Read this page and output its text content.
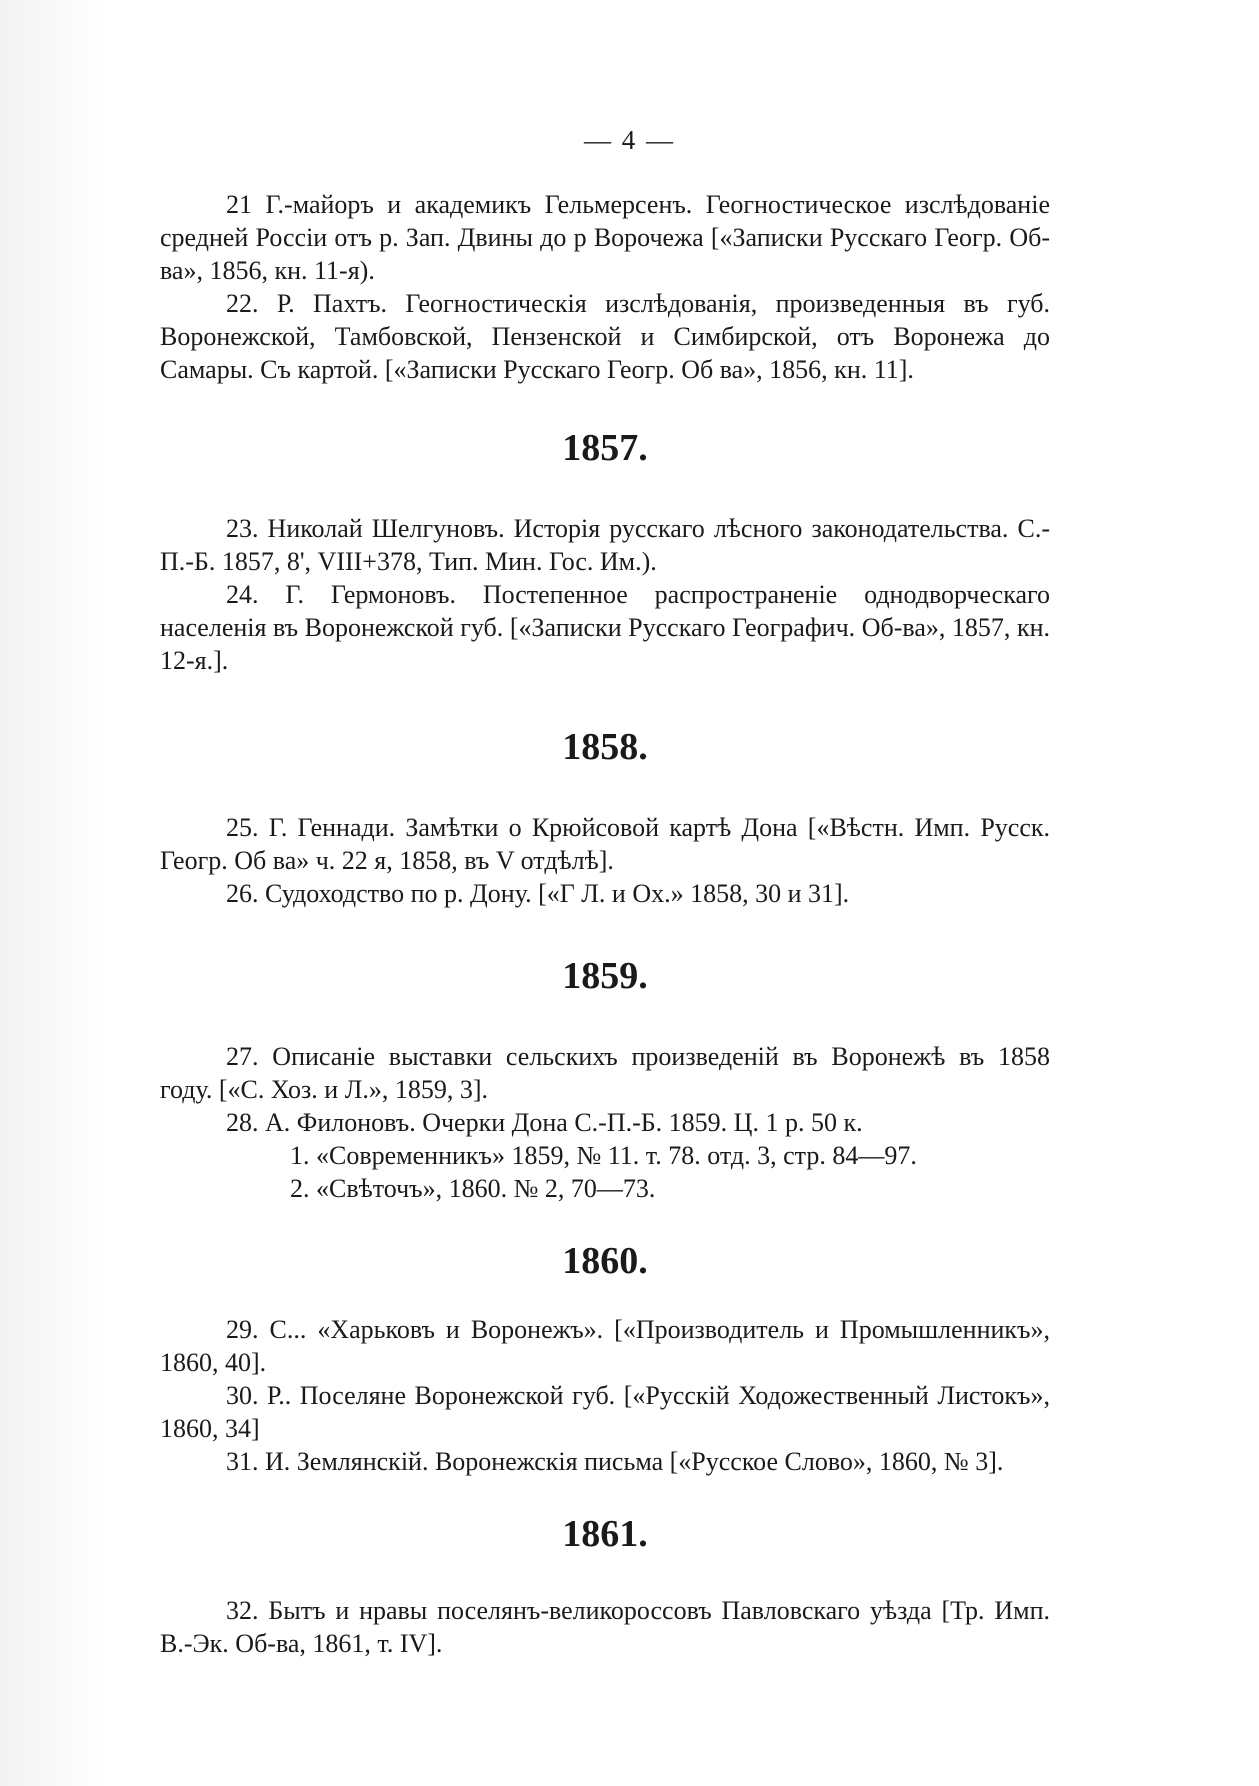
— 4 —

21 Г.-майоръ и академикъ Гельмерсенъ. Геогностическое изслѣдованіе средней Россіи отъ р. Зап. Двины до р Ворочежа [«Записки Русскаго Геогр. Об-ва», 1856, кн. 11-я).

22. Р. Пахтъ. Геогностическія изслѣдованія, произведенныя въ губ. Воронежской, Тамбовской, Пензенской и Симбирской, отъ Воронежа до Самары. Съ картой. [«Записки Русскаго Геогр. Об ва», 1856, кн. 11].

1857.

23. Николай Шелгуновъ. Исторія русскаго лѣсного законодательства. С.-П.-Б. 1857, 8', VIII+378, Тип. Мин. Гос. Им.).

24. Г. Гермоновъ. Постепенное распространеніе однодворческаго населенія въ Воронежской губ. [«Записки Русскаго Географич. Об-ва», 1857, кн. 12-я.].

1858.

25. Г. Геннади. Замѣтки о Крюйсовой картѣ Дона [«Вѣстн. Имп. Русск. Геогр. Об ва» ч. 22 я, 1858, въ V отдѣлѣ].

26. Судоходство по р. Дону. [«Г Л. и Ох.» 1858, 30 и 31].

1859.

27. Описаніе выставки сельскихъ произведеній въ Воронежѣ въ 1858 году. [«С. Хоз. и Л.», 1859, 3].

28. А. Филоновъ. Очерки Дона С.-П.-Б. 1859. Ц. 1 р. 50 к.

1. «Современникъ» 1859, № 11. т. 78. отд. 3, стр. 84—97.

2. «Свѣточъ», 1860. № 2, 70—73.

1860.

29. С... «Харьковъ и Воронежъ». [«Производитель и Промышленникъ», 1860, 40].

30. Р.. Поселяне Воронежской губ. [«Русскій Ходожественный Листокъ», 1860, 34]

31. И. Землянскій. Воронежскія письма [«Русское Слово», 1860, № 3].

1861.

32. Бытъ и нравы поселянъ-великороссовъ Павловскаго уѣзда [Тр. Имп. В.-Эк. Об-ва, 1861, т. IV].
